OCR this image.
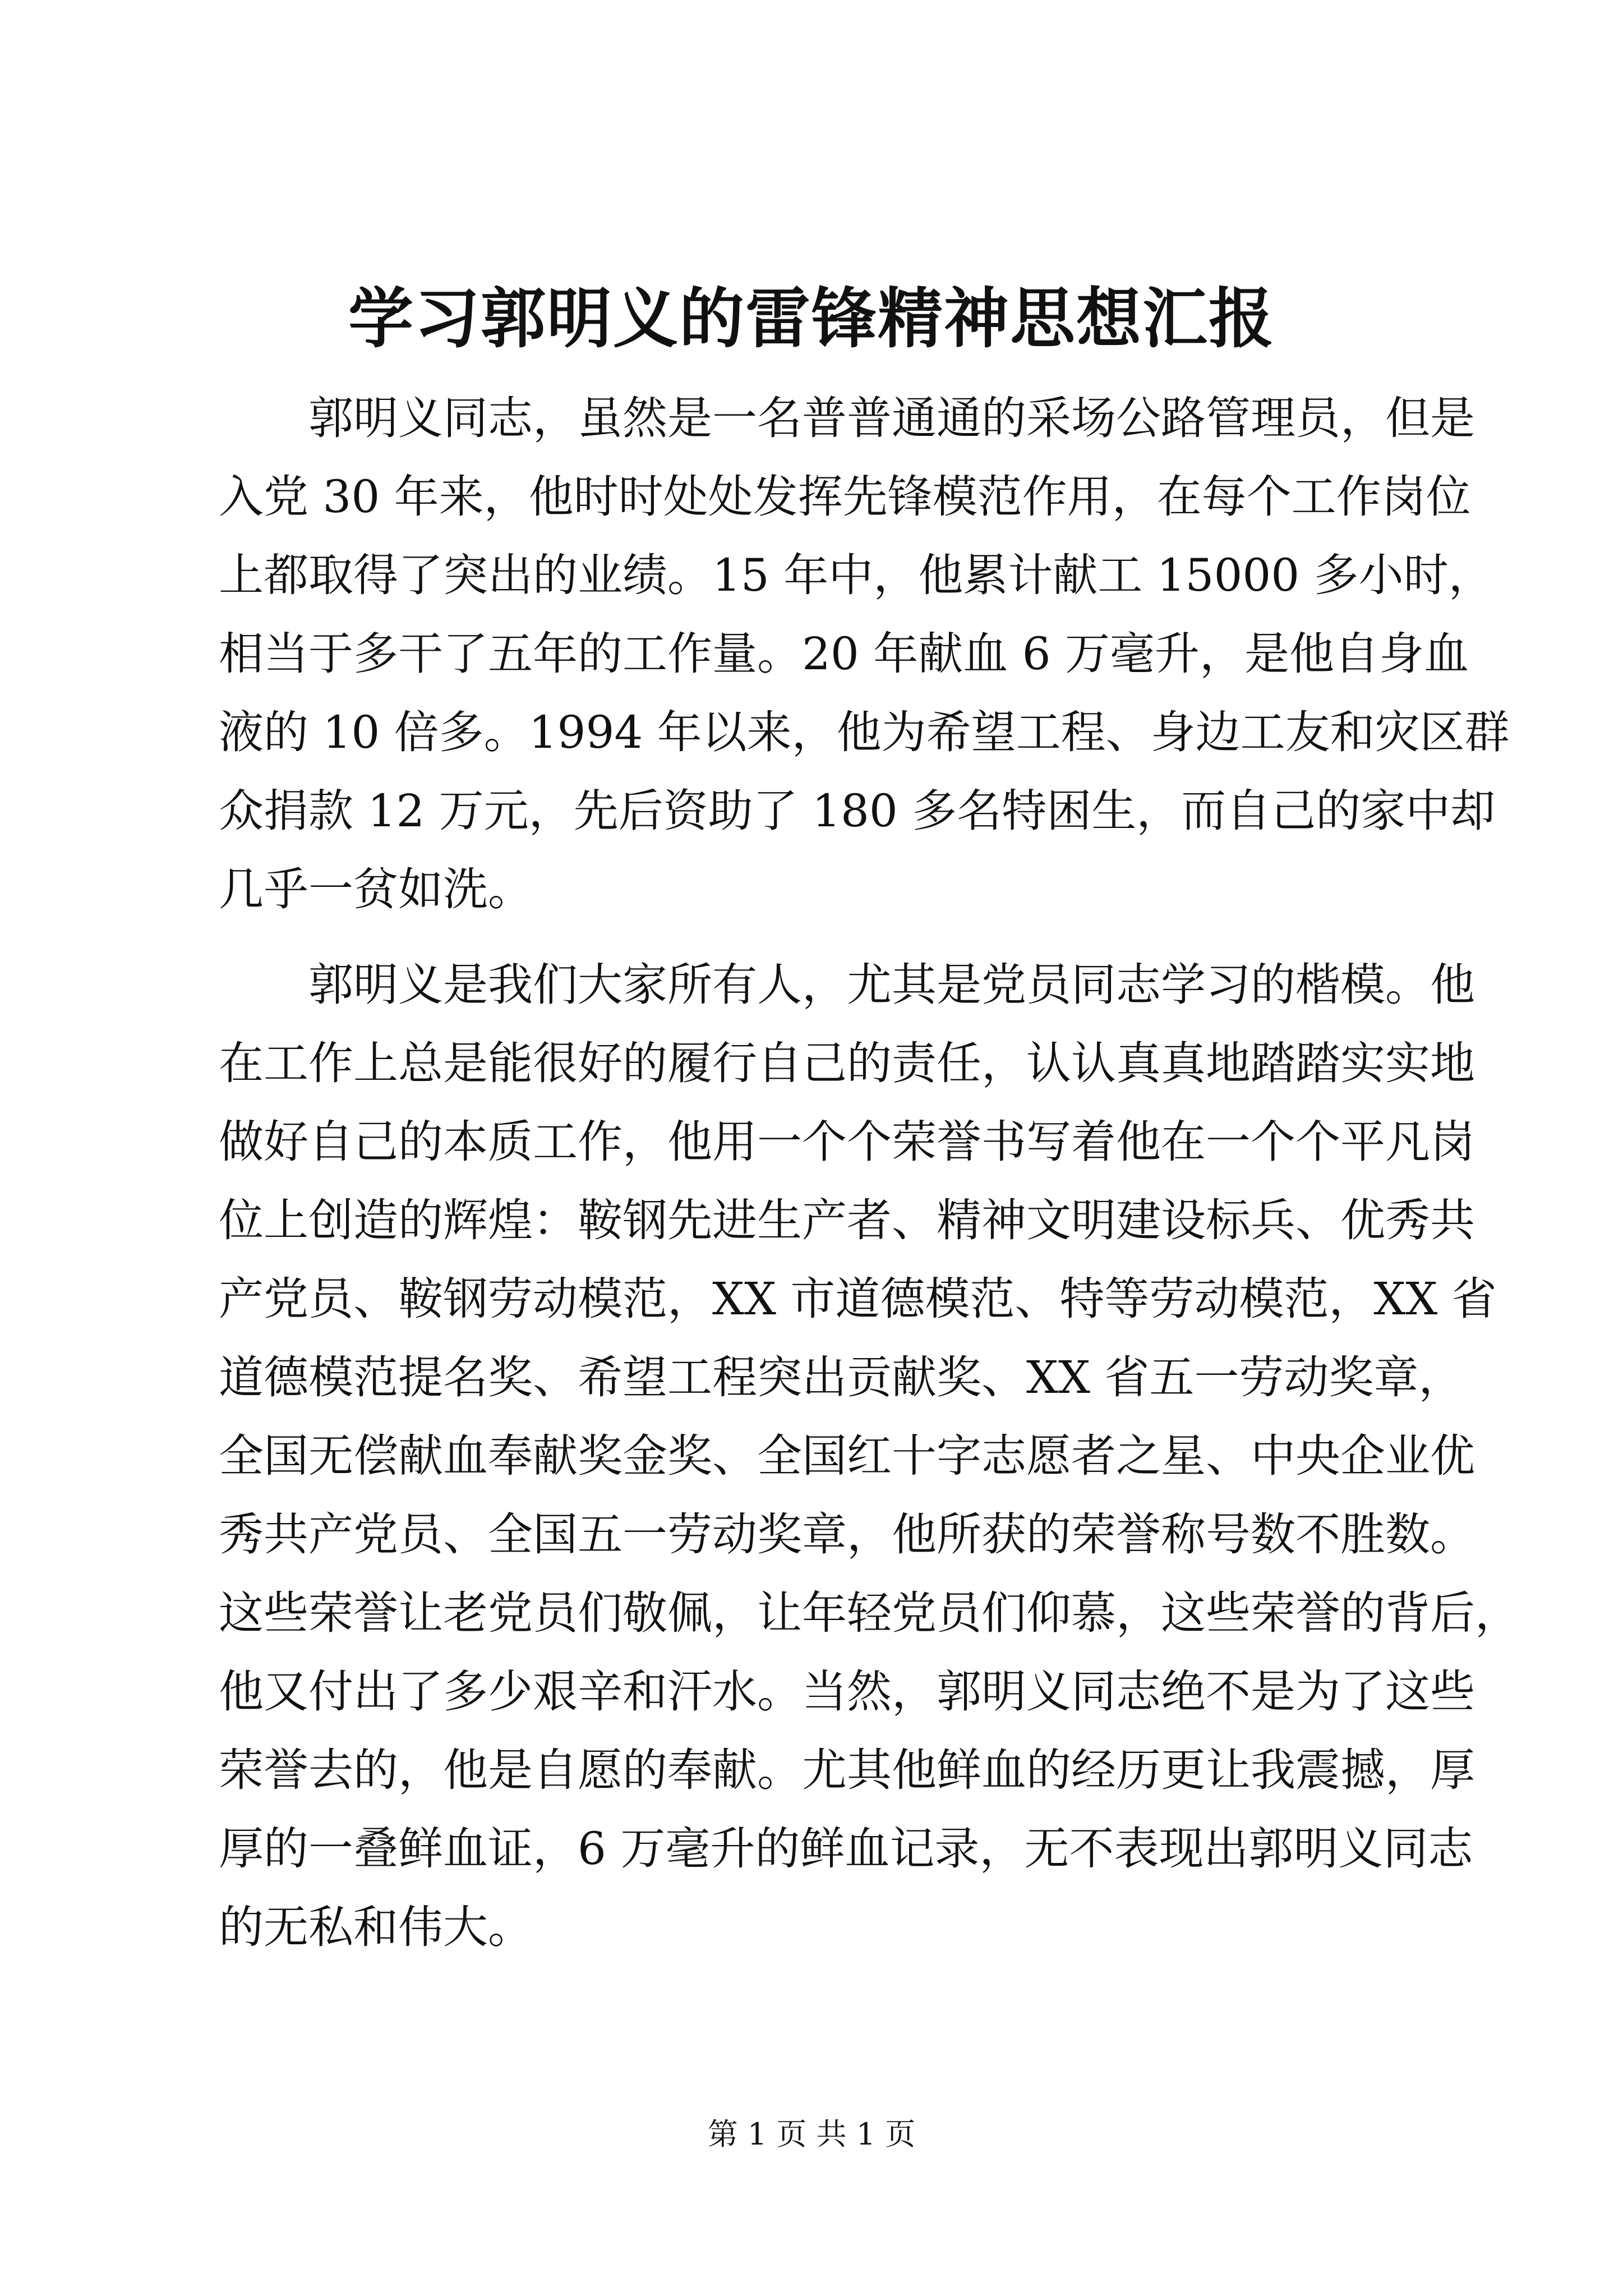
学习郭明义的雷锋精神思想汇报
郭明义同志，虽然是一名普普通通的采场公路管理员，但是
入党 30 年来，他时时处处发挥先锋模范作用，在每个工作岗位
上都取得了突出的业绩。15 年中，他累计献工 15000 多小时，
相当于多干了五年的工作量。20 年献血 6 万毫升，是他自身血
液的 10 倍多。1994 年以来，他为希望工程、身边工友和灾区群
众捐款 12 万元，先后资助了 180 多名特困生，而自己的家中却
几乎一贫如洗。
郭明义是我们大家所有人，尤其是党员同志学习的楷模。他
在工作上总是能很好的履行自己的责任，认认真真地踏踏实实地
做好自己的本质工作，他用一个个荣誉书写着他在一个个平凡岗
位上创造的辉煌：鞍钢先进生产者、精神文明建设标兵、优秀共
产党员、鞍钢劳动模范，XX 市道德模范、特等劳动模范，XX 省
道德模范提名奖、希望工程突出贡献奖、XX 省五一劳动奖章，
全国无偿献血奉献奖金奖、全国红十字志愿者之星、中央企业优
秀共产党员、全国五一劳动奖章，他所获的荣誉称号数不胜数。
这些荣誉让老党员们敬佩，让年轻党员们仰慕，这些荣誉的背后，
他又付出了多少艰辛和汗水。当然，郭明义同志绝不是为了这些
荣誉去的，他是自愿的奉献。尤其他鲜血的经历更让我震撼，厚
厚的一叠鲜血证，6 万毫升的鲜血记录，无不表现出郭明义同志
的无私和伟大。
第 1 页 共 1 页
